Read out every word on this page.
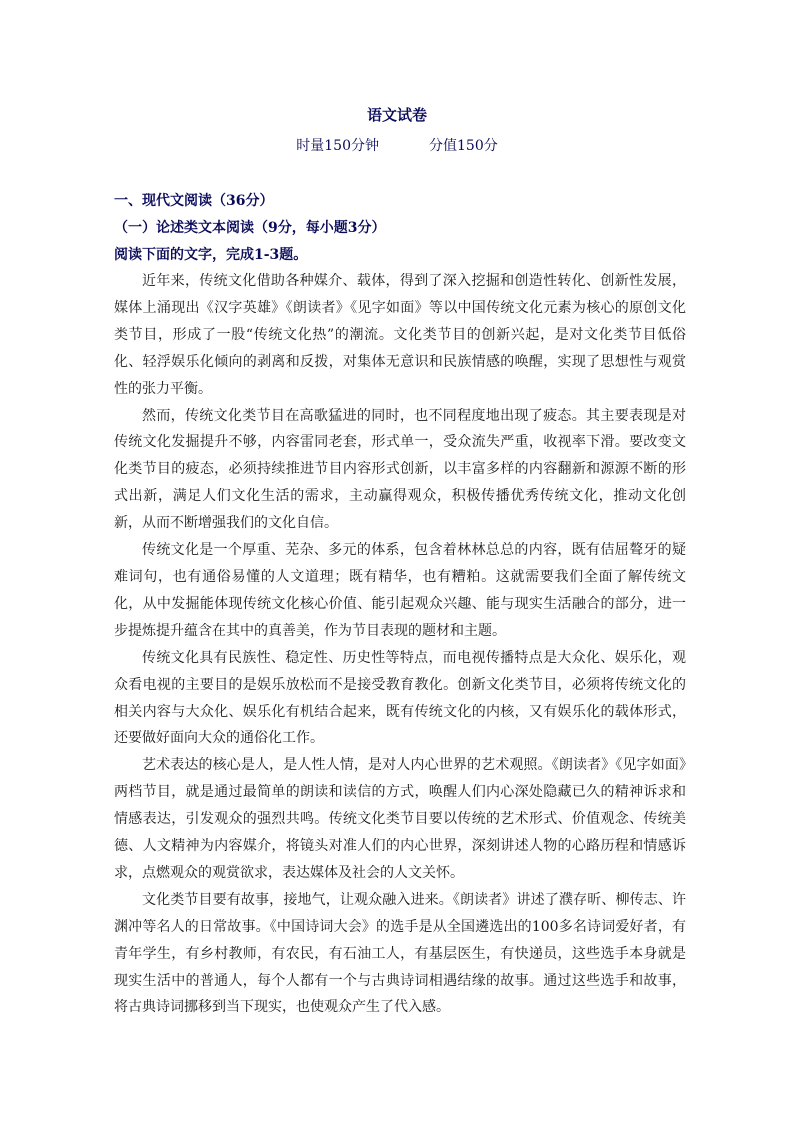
语文试卷
时量150分钟	分值150分
一、现代文阅读（36分）
（一）论述类文本阅读（9分，每小题3分）
阅读下面的文字，完成1-3题。

近年来，传统文化借助各种媒介、载体，得到了深入挖掘和创造性转化、创新性发展，媒体上涌现出《汉字英雄》《朗读者》《见字如面》等以中国传统文化元素为核心的原创文化类节目，形成了一股“传统文化热”的潮流。文化类节目的创新兴起，是对文化类节目低俗化、轻浮娱乐化倾向的剥离和反拨，对集体无意识和民族情感的唤醒，实现了思想性与观赏性的张力平衡。

然而，传统文化类节目在高歌猛进的同时，也不同程度地出现了疲态。其主要表现是对传统文化发掘提升不够，内容雷同老套，形式单一，受众流失严重，收视率下滑。要改变文化类节目的疲态，必须持续推进节目内容形式创新，以丰富多样的内容翻新和源源不断的形式出新，满足人们文化生活的需求，主动赢得观众，积极传播优秀传统文化，推动文化创新，从而不断增强我们的文化自信。

传统文化是一个厚重、芜杂、多元的体系，包含着林林总总的内容，既有佶屈聱牙的疑难词句，也有通俗易懂的人文道理；既有精华，也有糟粕。这就需要我们全面了解传统文化，从中发掘能体现传统文化核心价值、能引起观众兴趣、能与现实生活融合的部分，进一步提炼提升蕴含在其中的真善美，作为节目表现的题材和主题。

传统文化具有民族性、稳定性、历史性等特点，而电视传播特点是大众化、娱乐化，观众看电视的主要目的是娱乐放松而不是接受教育教化。创新文化类节目，必须将传统文化的相关内容与大众化、娱乐化有机结合起来，既有传统文化的内核，又有娱乐化的载体形式，还要做好面向大众的通俗化工作。

艺术表达的核心是人，是人性人情，是对人内心世界的艺术观照。《朗读者》《见字如面》两档节目，就是通过最简单的朗读和读信的方式，唤醒人们内心深处隐藏已久的精神诉求和情感表达，引发观众的强烈共鸣。传统文化类节目要以传统的艺术形式、价值观念、传统美德、人文精神为内容媒介，将镜头对准人们的内心世界，深刻讲述人物的心路历程和情感诉求，点燃观众的观赏欲求，表达媒体及社会的人文关怀。

文化类节目要有故事，接地气，让观众融入进来。《朗读者》讲述了濮存昕、柳传志、许渊冲等名人的日常故事。《中国诗词大会》的选手是从全国遴选出的100多名诗词爱好者，有青年学生，有乡村教师，有农民，有石油工人，有基层医生，有快递员，这些选手本身就是现实生活中的普通人，每个人都有一个与古典诗词相遇结缘的故事。通过这些选手和故事，将古典诗词挪移到当下现实，也使观众产生了代入感。
